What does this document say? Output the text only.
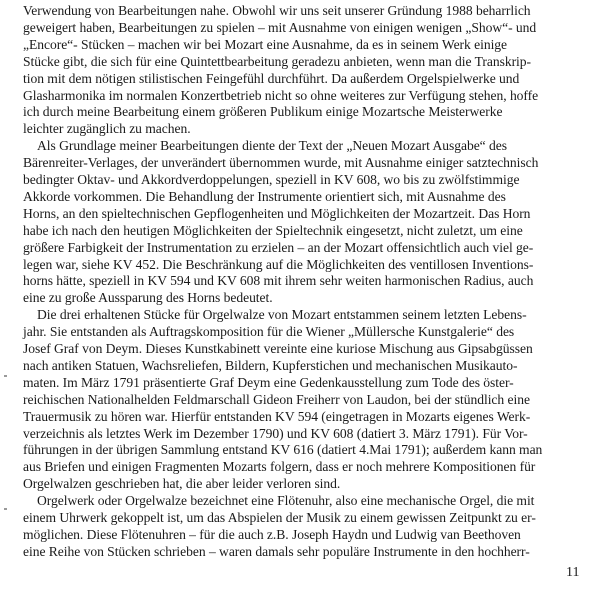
Verwendung von Bearbeitungen nahe. Obwohl wir uns seit unserer Gründung 1988 beharrlich
geweigert haben, Bearbeitungen zu spielen – mit Ausnahme von einigen wenigen „Show“- und
„Encore“- Stücken – machen wir bei Mozart eine Ausnahme, da es in seinem Werk einige
Stücke gibt, die sich für eine Quintettbearbeitung geradezu anbieten, wenn man die Transkrip-
tion mit dem nötigen stilistischen Feingefühl durchführt. Da außerdem Orgelspielwerke und
Glasharmonika im normalen Konzertbetrieb nicht so ohne weiteres zur Verfügung stehen, hoffe
ich durch meine Bearbeitung einem größeren Publikum einige Mozartsche Meisterwerke
leichter zugänglich zu machen.
Als Grundlage meiner Bearbeitungen diente der Text der „Neuen Mozart Ausgabe“ des
Bärenreiter-Verlages, der unverändert übernommen wurde, mit Ausnahme einiger satztechnisch
bedingter Oktav- und Akkordverdoppelungen, speziell in KV 608, wo bis zu zwölfstimmige
Akkorde vorkommen. Die Behandlung der Instrumente orientiert sich, mit Ausnahme des
Horns, an den spieltechnischen Gepflogenheiten und Möglichkeiten der Mozartzeit. Das Horn
habe ich nach den heutigen Möglichkeiten der Spieltechnik eingesetzt, nicht zuletzt, um eine
größere Farbigkeit der Instrumentation zu erzielen – an der Mozart offensichtlich auch viel ge-
legen war, siehe KV 452. Die Beschränkung auf die Möglichkeiten des ventillosen Inventions-
horns hätte, speziell in KV 594 und KV 608 mit ihrem sehr weiten harmonischen Radius, auch
eine zu große Aussparung des Horns bedeutet.
Die drei erhaltenen Stücke für Orgelwalze von Mozart entstammen seinem letzten Lebens-
jahr. Sie entstanden als Auftragskomposition für die Wiener „Müllersche Kunstgalerie“ des
Josef Graf von Deym. Dieses Kunstkabinett vereinte eine kuriose Mischung aus Gipsabgüssen
nach antiken Statuen, Wachsreliefen, Bildern, Kupferstichen und mechanischen Musikauto-
maten. Im März 1791 präsentierte Graf Deym eine Gedenkausstellung zum Tode des öster-
reichischen Nationalhelden Feldmarschall Gideon Freiherr von Laudon, bei der stündlich eine
Trauermusik zu hören war. Hierfür entstanden KV 594 (eingetragen in Mozarts eigenes Werk-
verzeichnis als letztes Werk im Dezember 1790) und KV 608 (datiert 3. März 1791). Für Vor-
führungen in der übrigen Sammlung entstand KV 616 (datiert 4.Mai 1791); außerdem kann man
aus Briefen und einigen Fragmenten Mozarts folgern, dass er noch mehrere Kompositionen für
Orgelwalzen geschrieben hat, die aber leider verloren sind.
Orgelwerk oder Orgelwalze bezeichnet eine Flötenuhr, also eine mechanische Orgel, die mit
einem Uhrwerk gekoppelt ist, um das Abspielen der Musik zu einem gewissen Zeitpunkt zu er-
möglichen. Diese Flötenuhren – für die auch z.B. Joseph Haydn und Ludwig van Beethoven
eine Reihe von Stücken schrieben – waren damals sehr populäre Instrumente in den hochherr-
11
